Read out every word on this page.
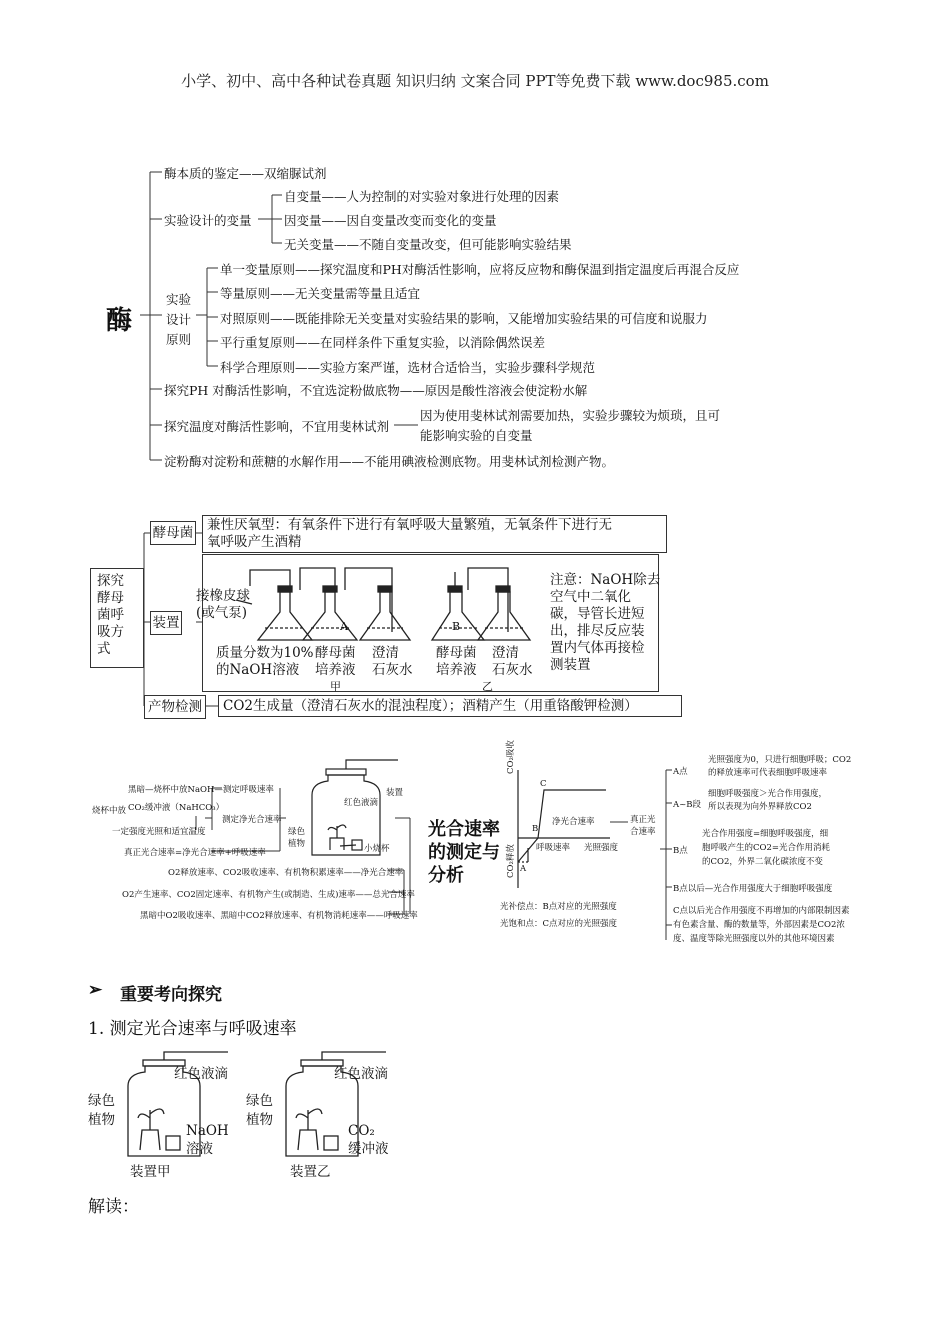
小学、初中、高中各种试卷真题 知识归纳 文案合同 PPT等免费下载 www.doc985.com
酶
酶本质的鉴定——双缩脲试剂
实验设计的变量
自变量——人为控制的对实验对象进行处理的因素
因变量——因自变量改变而变化的变量
无关变量——不随自变量改变，但可能影响实验结果
实验
设计
原则
单一变量原则——探究温度和PH对酶活性影响，应将反应物和酶保温到指定温度后再混合反应
等量原则——无关变量需等量且适宜
对照原则——既能排除无关变量对实验结果的影响，又能增加实验结果的可信度和说服力
平行重复原则——在同样条件下重复实验，以消除偶然误差
科学合理原则——实验方案严谨，选材合适恰当，实验步骤科学规范
探究PH 对酶活性影响，不宜选淀粉做底物——原因是酸性溶液会使淀粉水解
探究温度对酶活性影响，不宜用斐林试剂
因为使用斐林试剂需要加热，实验步骤较为烦琐，且可
能影响实验的自变量
淀粉酶对淀粉和蔗糖的水解作用——不能用碘液检测底物。用斐林试剂检测产物。
探究
酵母
菌呼
吸方
式
酵母菌 兼性厌氧型：有氧条件下进行有氧呼吸大量繁殖，无氧条件下进行无
氧呼吸产生酒精
装置
接橡皮球
(或气泵)
A	B
质量分数为10%
的NaOH溶液
酵母菌
培养液
澄清
石灰水
酵母菌
培养液
澄清
石灰水
甲	乙
注意：NaOH除去
空气中二氧化
碳，导管长进短
出，排尽反应装
置内气体再接检
测装置
产物检测	CO2生成量（澄清石灰水的混浊程度）；酒精产生（用重铬酸钾检测）
黑暗—烧杯中放NaOH—测定呼吸速率
烧杯中放 CO₂缓冲液（NaHCO₃）
一定强度光照和适宜温度
测定净光合速率
装置
红色液滴
绿色
植物	小烧杯
真正光合速率=净光合速率+呼吸速率
O2释放速率、CO2吸收速率、有机物积累速率——净光合速率
O2产生速率、CO2固定速率、有机物产生(或制造、生成)速率——总光合速率
黑暗中O2吸收速率、黑暗中CO2释放速率、有机物消耗速率——呼吸速率
光合速率的测定与分析
CO₂吸收
CO₂释放
净光合速率
呼吸速率 光照强度
A
B
C
光补偿点：B点对应的光照强度
光饱和点：C点对应的光照强度
真正光
合速率
A点
光照强度为0，只进行细胞呼吸；CO2
的释放速率可代表细胞呼吸速率
A~B段
细胞呼吸强度＞光合作用强度，
所以表现为向外界释放CO2
B点
光合作用强度=细胞呼吸强度，细
胞呼吸产生的CO2=光合作用消耗
的CO2，外界二氧化碳浓度不变
B点以后—光合作用强度大于细胞呼吸强度
C点以后光合作用强度不再增加的内部限制因素
有色素含量、酶的数量等，外部因素是CO2浓
度、温度等除光照强度以外的其他环境因素
➢ 重要考向探究
1. 测定光合速率与呼吸速率
红色液滴
绿色
植物
NaOH
溶液
装置甲
红色液滴
绿色
植物
CO₂
缓冲液
装置乙
解读：
